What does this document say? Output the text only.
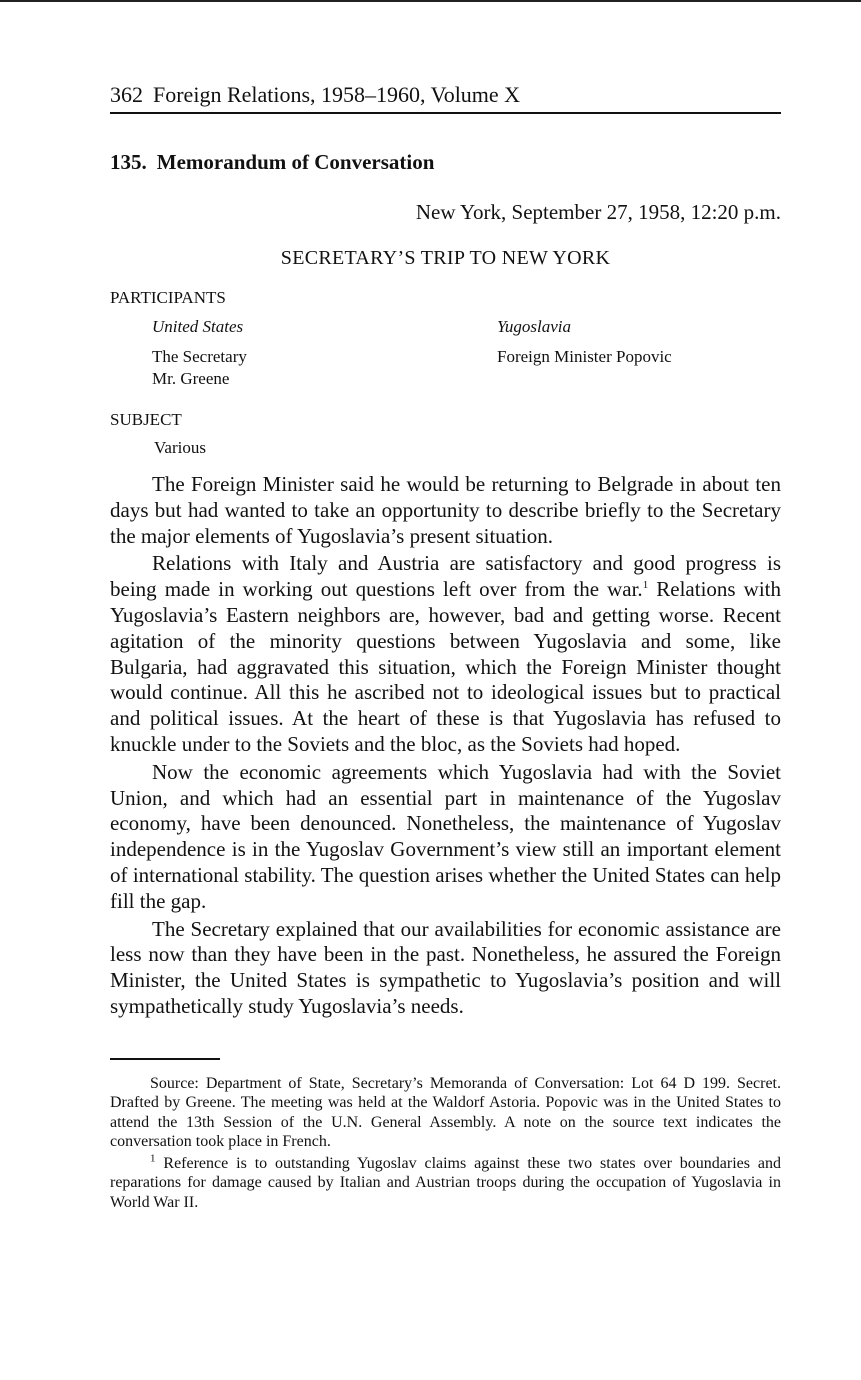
362 Foreign Relations, 1958–1960, Volume X
135. Memorandum of Conversation
New York, September 27, 1958, 12:20 p.m.
SECRETARY’S TRIP TO NEW YORK
PARTICIPANTS
United States
The Secretary
Mr. Greene
Yugoslavia
Foreign Minister Popovic
SUBJECT
Various

The Foreign Minister said he would be returning to Belgrade in about ten days but had wanted to take an opportunity to describe briefly to the Secretary the major elements of Yugoslavia’s present situation.

Relations with Italy and Austria are satisfactory and good progress is being made in working out questions left over from the war.$^1$ Relations with Yugoslavia’s Eastern neighbors are, however, bad and getting worse. Recent agitation of the minority questions between Yugoslavia and some, like Bulgaria, had aggravated this situation, which the Foreign Minister thought would continue. All this he ascribed not to ideological issues but to practical and political issues. At the heart of these is that Yugoslavia has refused to knuckle under to the Soviets and the bloc, as the Soviets had hoped.

Now the economic agreements which Yugoslavia had with the Soviet Union, and which had an essential part in maintenance of the Yugoslav economy, have been denounced. Nonetheless, the maintenance of Yugoslav independence is in the Yugoslav Government’s view still an important element of international stability. The question arises whether the United States can help fill the gap.

The Secretary explained that our availabilities for economic assistance are less now than they have been in the past. Nonetheless, he assured the Foreign Minister, the United States is sympathetic to Yugoslavia’s position and will sympathetically study Yugoslavia’s needs.

Source: Department of State, Secretary’s Memoranda of Conversation: Lot 64 D 199. Secret. Drafted by Greene. The meeting was held at the Waldorf Astoria. Popovic was in the United States to attend the 13th Session of the U.N. General Assembly. A note on the source text indicates the conversation took place in French.

$^1$ Reference is to outstanding Yugoslav claims against these two states over boundaries and reparations for damage caused by Italian and Austrian troops during the occupation of Yugoslavia in World War II.
